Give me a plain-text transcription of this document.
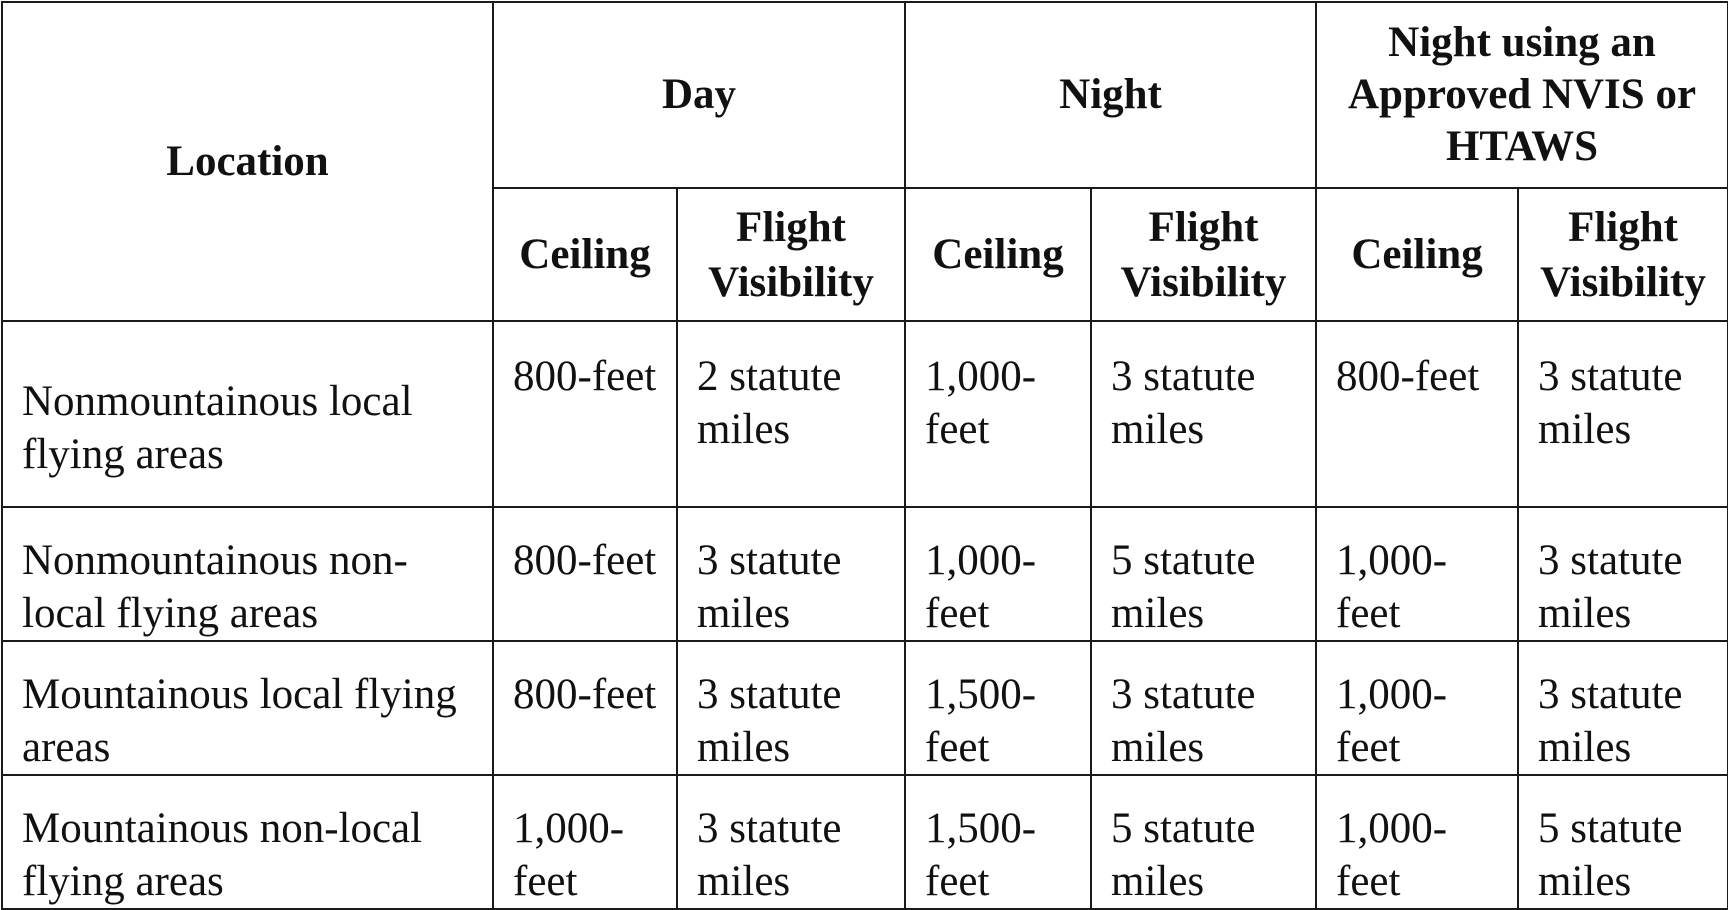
Location	Day		Night		Night using an Approved NVIS or HTAWS	
	Ceiling	Flight Visibility	Ceiling	Flight Visibility	Ceiling	Flight Visibility

Nonmountainous local flying areas	800-feet	2 statute miles	1,000-feet	3 statute miles	800-feet	3 statute miles
Nonmountainous non-local flying areas	800-feet	3 statute miles	1,000-feet	5 statute miles	1,000-feet	3 statute miles
Mountainous local flying areas	800-feet	3 statute miles	1,500-feet	3 statute miles	1,000-feet	3 statute miles
Mountainous non-local flying areas	1,000-feet	3 statute miles	1,500-feet	5 statute miles	1,000-feet	5 statute miles
